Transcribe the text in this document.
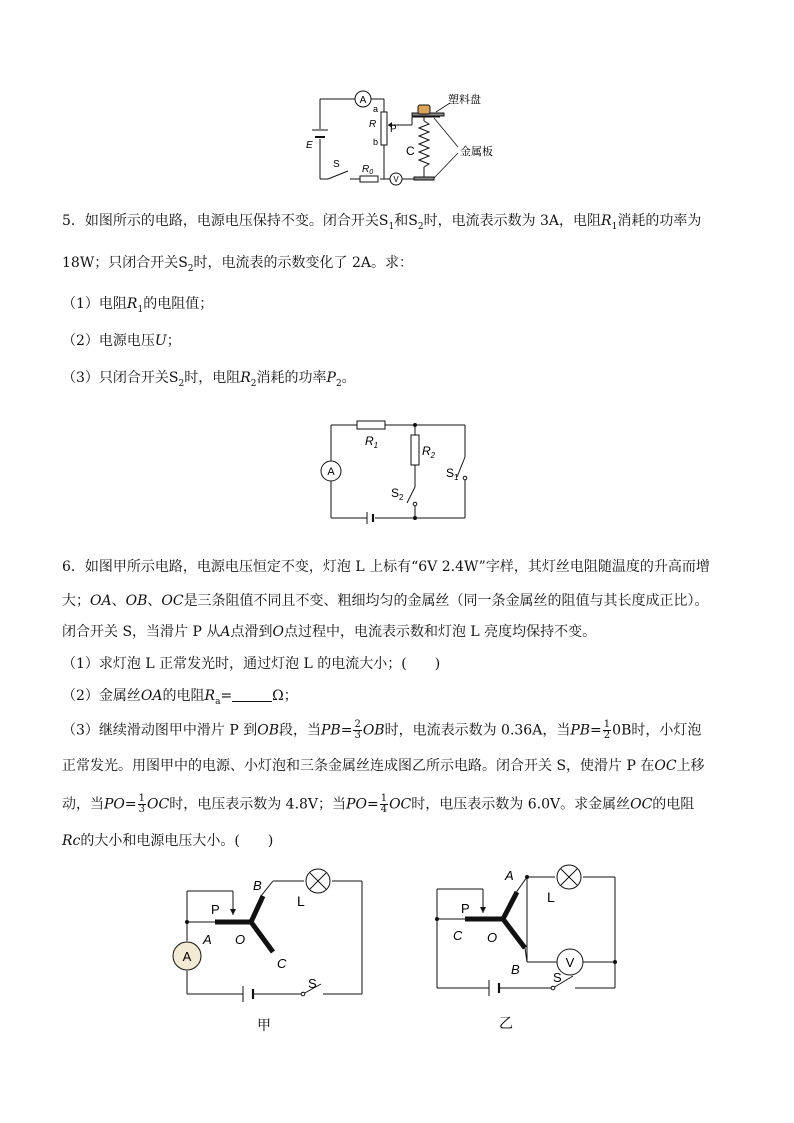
A
V
塑料盘
金属板
a
R
b
P
C
E
S $R_0$
5．如图所示的电路，电源电压保持不变。闭合开关$S_1$和$S_2$时，电流表示数为 3A，电阻$R_1$消耗的功率为
18W；只闭合开关$S_2$时，电流表的示数变化了 2A。求：
（1）电阻$R_1$的电阻值；
（2）电源电压U；
（3）只闭合开关$S_2$时，电阻$R_2$消耗的功率$P_2$。
A
$R_1$	$R_2$
$S_1$
$S_2$
6．如图甲所示电路，电源电压恒定不变，灯泡 L 上标有“6V 2.4W”字样，其灯丝电阻随温度的升高而增
大；OA、OB、OC是三条阻值不同且不变、粗细均匀的金属丝（同一条金属丝的阻值与其长度成正比）。
闭合开关 S，当滑片 P 从A点滑到O点过程中，电流表示数和灯泡 L 亮度均保持不变。
（1）求灯泡 L 正常发光时，通过灯泡 L 的电流大小；(　　)
（2）金属丝OA的电阻$R_a=$	Ω；
（3）继续滑动图甲中滑片 P 到OB段，当$PB= \frac{2}{3}$ OB时，电流表示数为 0.36A，当$PB= \frac{1}{2} 0B$时，小灯泡
正常发光。用图甲中的电源、小灯泡和三条金属丝连成图乙所示电路。闭合开关 S，使滑片 P 在OC上移
动，当$PO= \frac{1}{3}$ OC时，电压表示数为 4.8V；当$PO= \frac{1}{4}$ OC时，电压表示数为 6.0V。求金属丝OC的电阻
Rc的大小和电源电压大小。(　　)
A
P
A O
B
C
L
S
甲
V
P
C O
A
B
L
S
乙
